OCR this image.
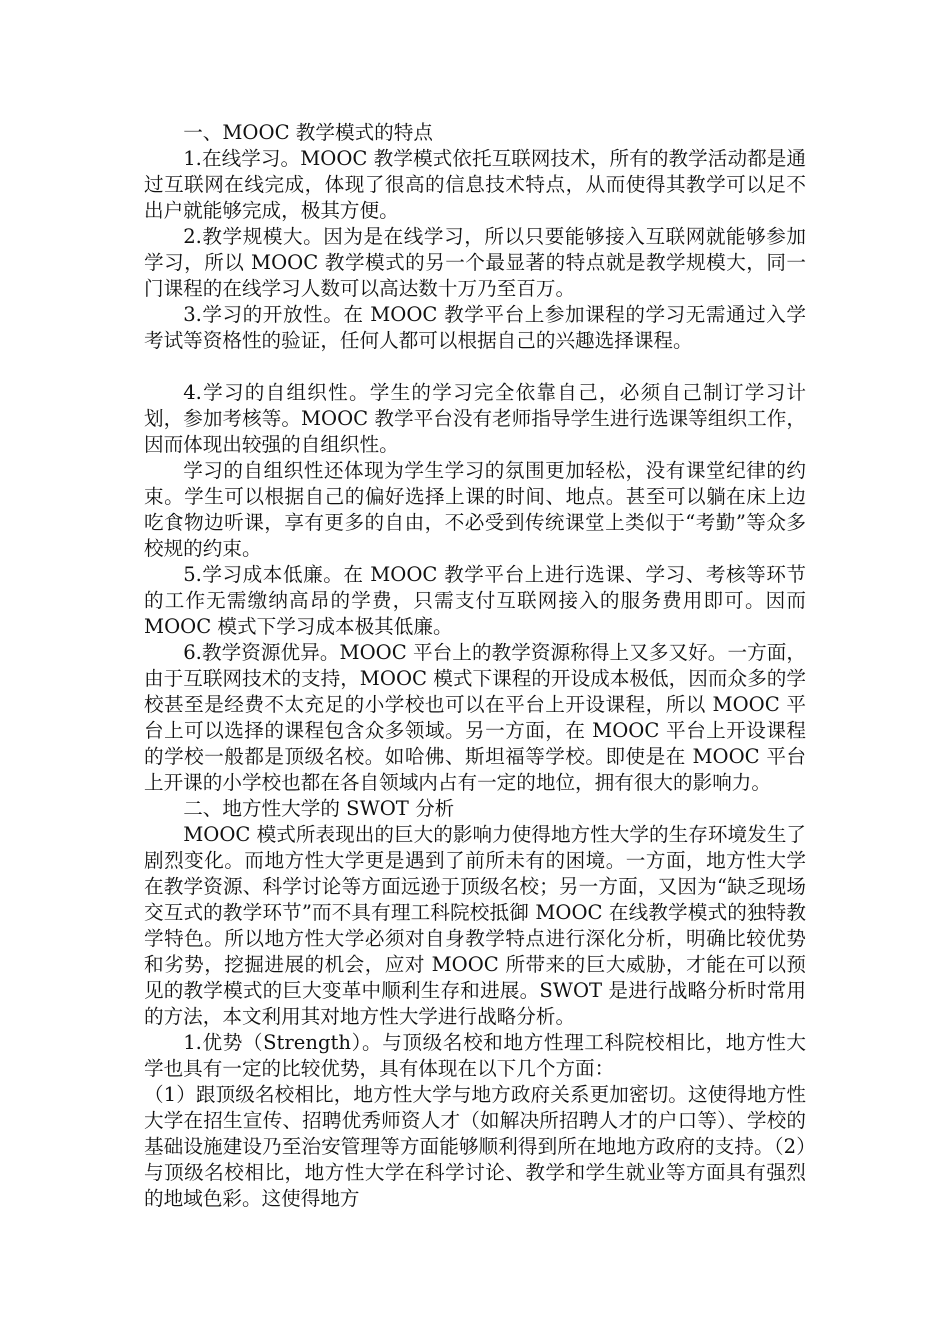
一、MOOC 教学模式的特点

1.在线学习。MOOC 教学模式依托互联网技术，所有的教学活动都是通过互联网在线完成，体现了很高的信息技术特点，从而使得其教学可以足不出户就能够完成，极其方便。

2.教学规模大。因为是在线学习，所以只要能够接入互联网就能够参加学习，所以 MOOC 教学模式的另一个最显著的特点就是教学规模大，同一门课程的在线学习人数可以高达数十万乃至百万。

3.学习的开放性。在 MOOC 教学平台上参加课程的学习无需通过入学考试等资格性的验证，任何人都可以根据自己的兴趣选择课程。

4.学习的自组织性。学生的学习完全依靠自己，必须自己制订学习计划，参加考核等。MOOC 教学平台没有老师指导学生进行选课等组织工作，因而体现出较强的自组织性。

学习的自组织性还体现为学生学习的氛围更加轻松，没有课堂纪律的约束。学生可以根据自己的偏好选择上课的时间、地点。甚至可以躺在床上边吃食物边听课，享有更多的自由，不必受到传统课堂上类似于“考勤”等众多校规的约束。

5.学习成本低廉。在 MOOC 教学平台上进行选课、学习、考核等环节的工作无需缴纳高昂的学费，只需支付互联网接入的服务费用即可。因而 MOOC 模式下学习成本极其低廉。

6.教学资源优异。MOOC 平台上的教学资源称得上又多又好。一方面，由于互联网技术的支持，MOOC 模式下课程的开设成本极低，因而众多的学校甚至是经费不太充足的小学校也可以在平台上开设课程，所以 MOOC 平台上可以选择的课程包含众多领域。另一方面，在 MOOC 平台上开设课程的学校一般都是顶级名校。如哈佛、斯坦福等学校。即使是在 MOOC 平台上开课的小学校也都在各自领域内占有一定的地位，拥有很大的影响力。

二、地方性大学的 SWOT 分析

MOOC 模式所表现出的巨大的影响力使得地方性大学的生存环境发生了剧烈变化。而地方性大学更是遇到了前所未有的困境。一方面，地方性大学在教学资源、科学讨论等方面远逊于顶级名校；另一方面，又因为“缺乏现场交互式的教学环节”而不具有理工科院校抵御 MOOC 在线教学模式的独特教学特色。所以地方性大学必须对自身教学特点进行深化分析，明确比较优势和劣势，挖掘进展的机会，应对 MOOC 所带来的巨大威胁，才能在可以预见的教学模式的巨大变革中顺利生存和进展。SWOT 是进行战略分析时常用的方法，本文利用其对地方性大学进行战略分析。

1.优势（Strength）。与顶级名校和地方性理工科院校相比，地方性大学也具有一定的比较优势，具有体现在以下几个方面：

（1）跟顶级名校相比，地方性大学与地方政府关系更加密切。这使得地方性大学在招生宣传、招聘优秀师资人才（如解决所招聘人才的户口等）、学校的基础设施建设乃至治安管理等方面能够顺利得到所在地地方政府的支持。（2）与顶级名校相比，地方性大学在科学讨论、教学和学生就业等方面具有强烈的地域色彩。这使得地方
